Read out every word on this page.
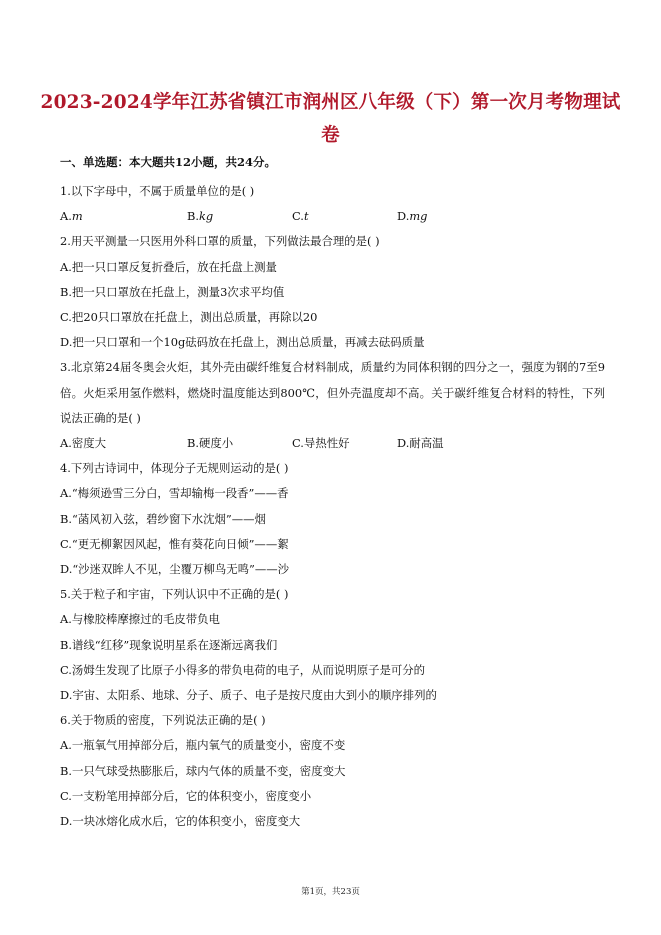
2023-2024学年江苏省镇江市润州区八年级（下）第一次月考物理试
卷
一、单选题：本大题共12小题，共24分。
1.以下字母中，不属于质量单位的是( )
A.m	B.kg	C.t	D.mg
2.用天平测量一只医用外科口罩的质量，下列做法最合理的是( )
A.把一只口罩反复折叠后，放在托盘上测量
B.把一只口罩放在托盘上，测量3次求平均值
C.把20只口罩放在托盘上，测出总质量，再除以20
D.把一只口罩和一个10g砝码放在托盘上，测出总质量，再减去砝码质量
3.北京第24届冬奥会火炬，其外壳由碳纤维复合材料制成，质量约为同体积钢的四分之一，强度为钢的7至9倍。火炬采用氢作燃料，燃烧时温度能达到800℃，但外壳温度却不高。关于碳纤维复合材料的特性，下列说法正确的是( )
A.密度大	B.硬度小	C.导热性好	D.耐高温
4.下列古诗词中，体现分子无规则运动的是( )
A.“梅须逊雪三分白，雪却输梅一段香”——香
B.“菡风初入弦，碧纱窗下水沈烟”——烟
C.“更无柳絮因风起，惟有葵花向日倾”——絮
D.“沙迷双眸人不见，尘覆万柳鸟无鸣”——沙
5.关于粒子和宇宙，下列认识中不正确的是( )
A.与橡胶棒摩擦过的毛皮带负电
B.谱线“红移”现象说明星系在逐渐远离我们
C.汤姆生发现了比原子小得多的带负电荷的电子，从而说明原子是可分的
D.宇宙、太阳系、地球、分子、质子、电子是按尺度由大到小的顺序排列的
6.关于物质的密度，下列说法正确的是( )
A.一瓶氧气用掉部分后，瓶内氧气的质量变小，密度不变
B.一只气球受热膨胀后，球内气体的质量不变，密度变大
C.一支粉笔用掉部分后，它的体积变小，密度变小
D.一块冰熔化成水后，它的体积变小，密度变大
第1页，共23页
